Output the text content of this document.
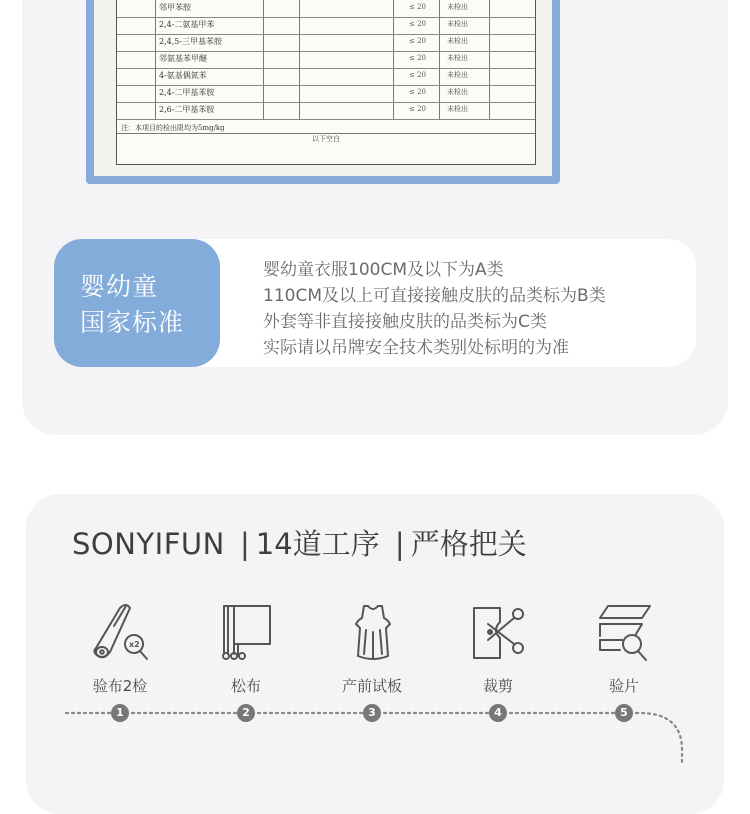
邻甲苯胺	≤ 20	未检出
2,4-二氨基甲苯	≤ 20	未检出
2,4,5-三甲基苯胺	≤ 20	未检出
邻氨基苯甲醚	≤ 20	未检出
4-氨基偶氮苯	≤ 20	未检出
2,4-二甲基苯胺	≤ 20	未检出
2,6-二甲基苯胺	≤ 20	未检出
注：本项目的检出限均为5mg/kg
以下空白
婴幼童
国家标准
婴幼童衣服100CM及以下为A类
110CM及以上可直接接触皮肤的品类标为B类
外套等非直接接触皮肤的品类标为C类
实际请以吊牌安全技术类别处标明的为准
SONYIFUN | 14道工序 | 严格把关
x2
验布2检	松布	产前试板	裁剪	验片
1	2	3	4	5
